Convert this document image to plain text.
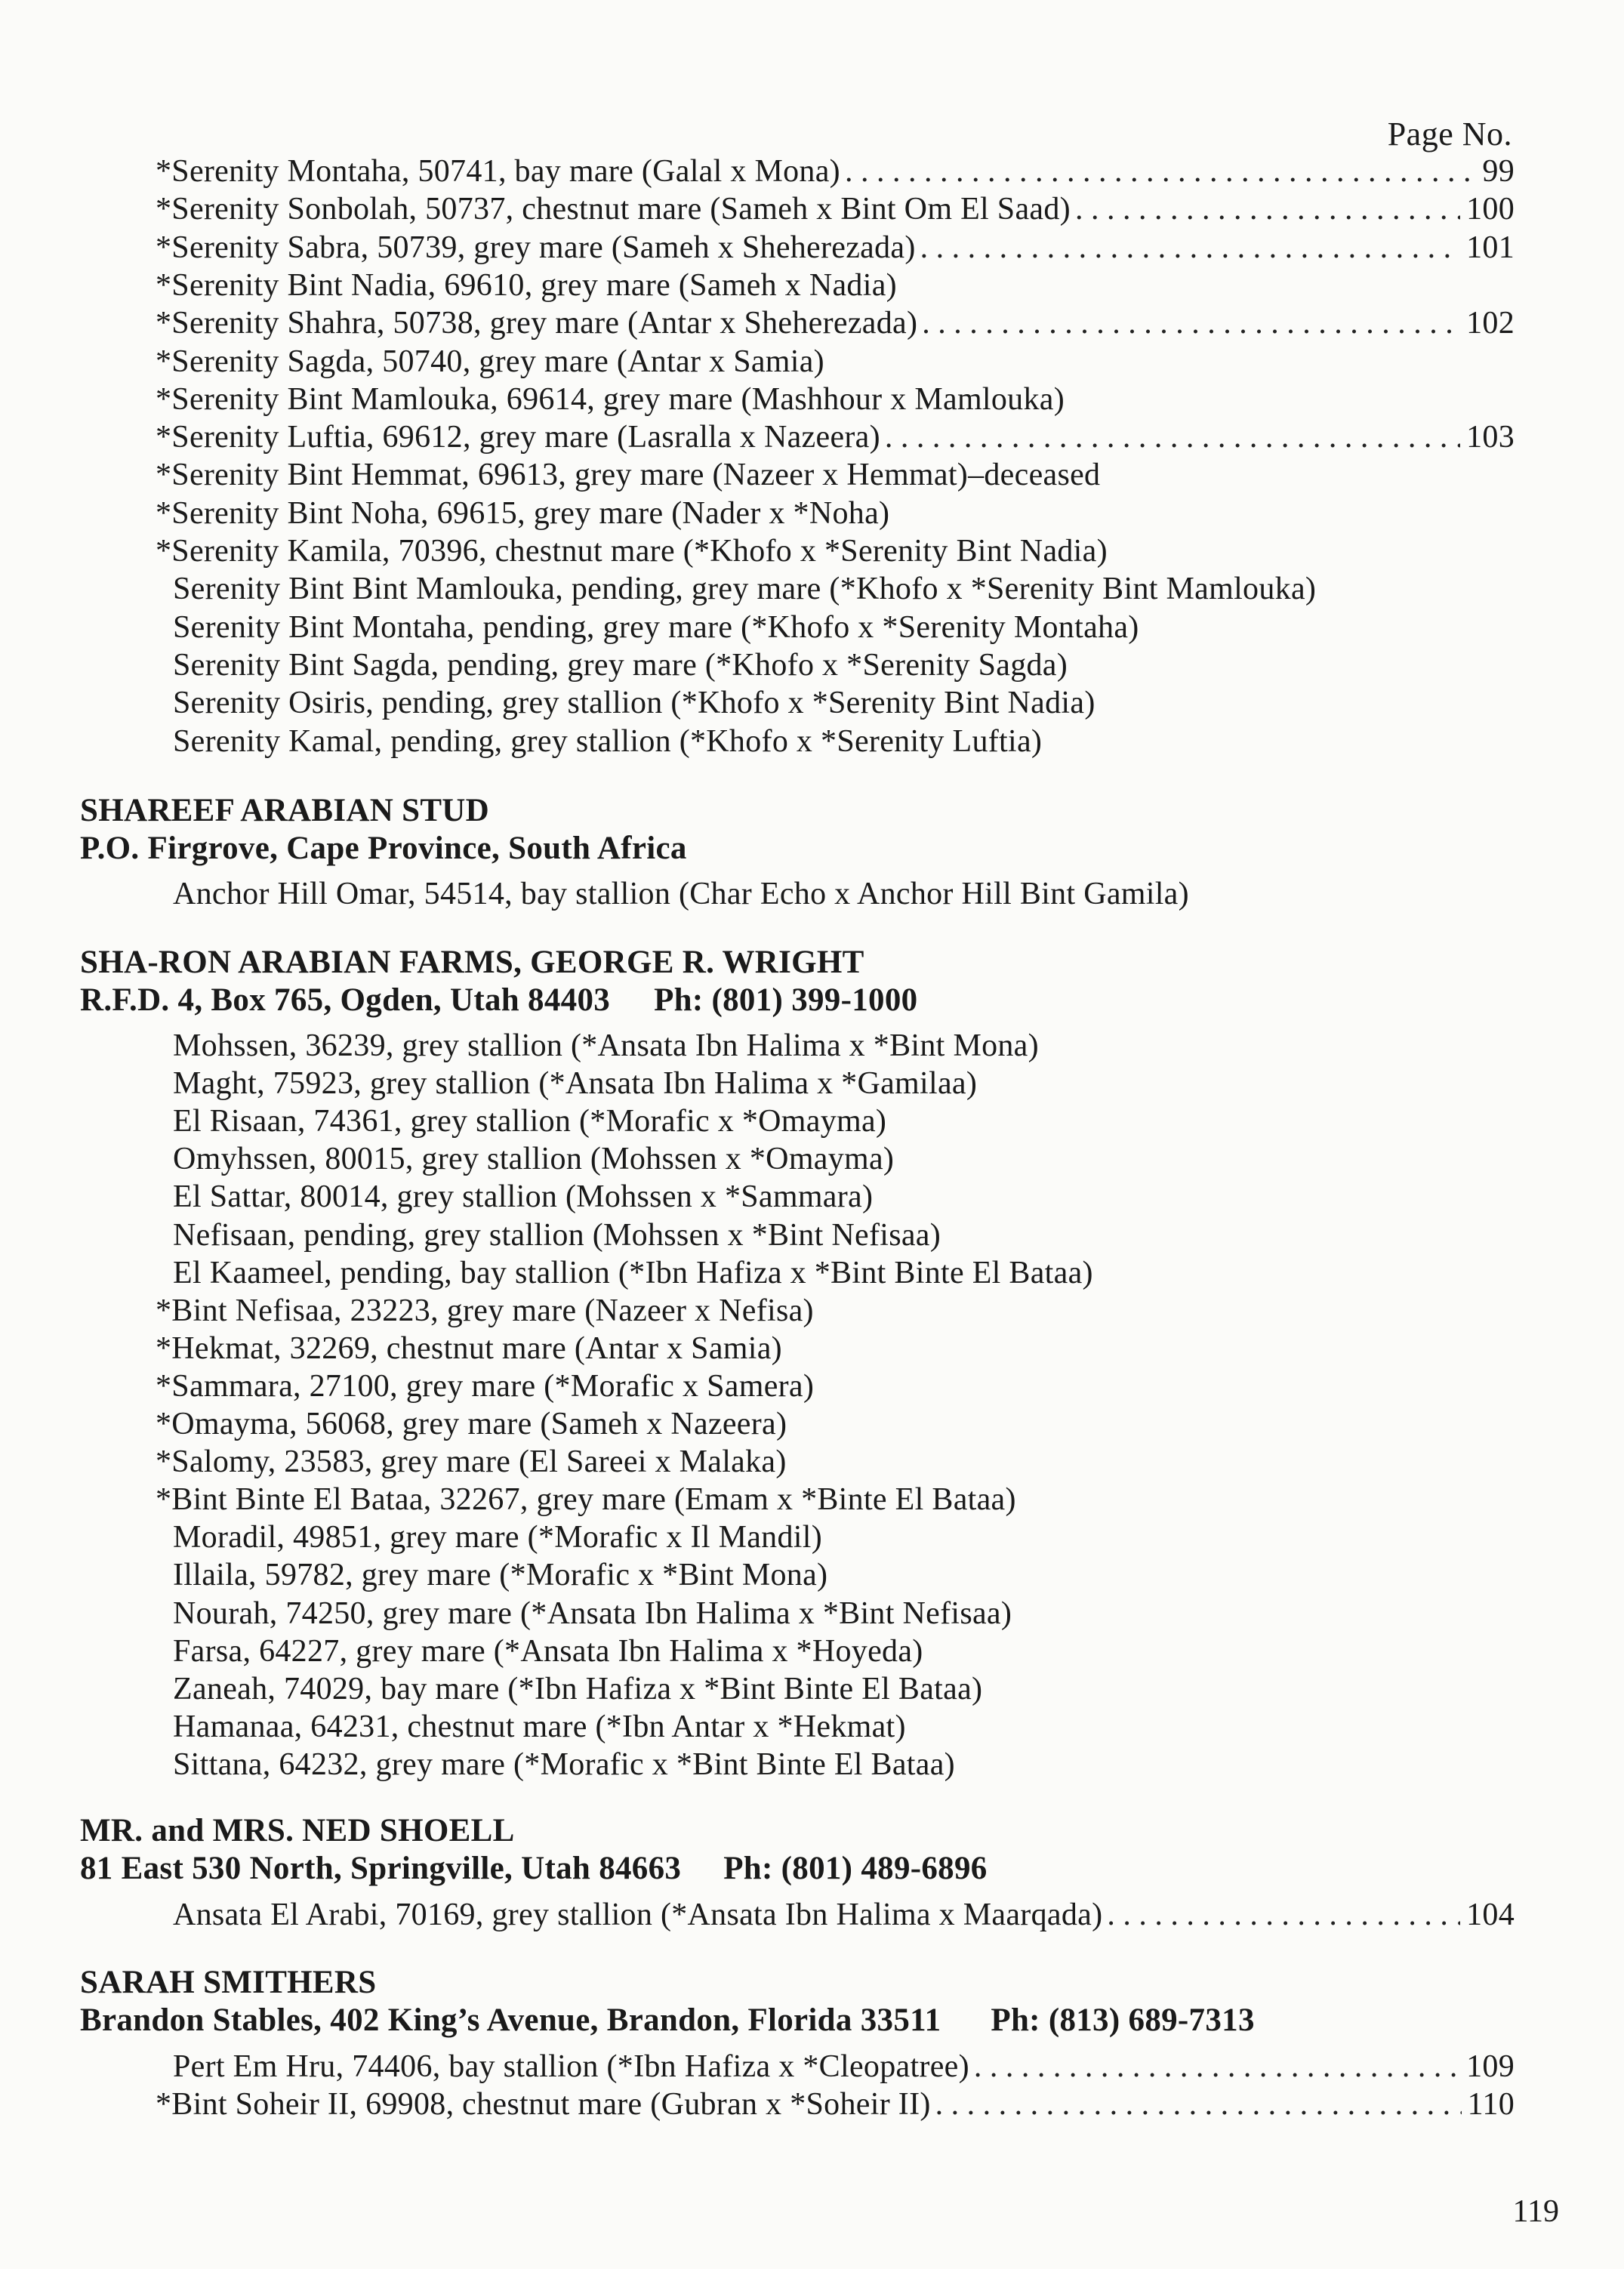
Page No.
*Serenity Montaha, 50741, bay mare (Galal x Mona) . . .	99
*Serenity Sonbolah, 50737, chestnut mare (Sameh x Bint Om El Saad) . . .	100
*Serenity Sabra, 50739, grey mare (Sameh x Sheherezada) . . .	101
*Serenity Bint Nadia, 69610, grey mare (Sameh x Nadia)
*Serenity Shahra, 50738, grey mare (Antar x Sheherezada) . . .	102
*Serenity Sagda, 50740, grey mare (Antar x Samia)
*Serenity Bint Mamlouka, 69614, grey mare (Mashhour x Mamlouka)
*Serenity Luftia, 69612, grey mare (Lasralla x Nazeera) . . .	103
*Serenity Bint Hemmat, 69613, grey mare (Nazeer x Hemmat)–deceased
*Serenity Bint Noha, 69615, grey mare (Nader x *Noha)
*Serenity Kamila, 70396, chestnut mare (*Khofo x *Serenity Bint Nadia)
Serenity Bint Bint Mamlouka, pending, grey mare (*Khofo x *Serenity Bint Mamlouka)
Serenity Bint Montaha, pending, grey mare (*Khofo x *Serenity Montaha)
Serenity Bint Sagda, pending, grey mare (*Khofo x *Serenity Sagda)
Serenity Osiris, pending, grey stallion (*Khofo x *Serenity Bint Nadia)
Serenity Kamal, pending, grey stallion (*Khofo x *Serenity Luftia)
SHAREEF ARABIAN STUD
P.O. Firgrove, Cape Province, South Africa
Anchor Hill Omar, 54514, bay stallion (Char Echo x Anchor Hill Bint Gamila)
SHA-RON ARABIAN FARMS, GEORGE R. WRIGHT
R.F.D. 4, Box 765, Ogden, Utah 84403 Ph: (801) 399-1000
Mohssen, 36239, grey stallion (*Ansata Ibn Halima x *Bint Mona)
Maght, 75923, grey stallion (*Ansata Ibn Halima x *Gamilaa)
El Risaan, 74361, grey stallion (*Morafic x *Omayma)
Omyhssen, 80015, grey stallion (Mohssen x *Omayma)
El Sattar, 80014, grey stallion (Mohssen x *Sammara)
Nefisaan, pending, grey stallion (Mohssen x *Bint Nefisaa)
El Kaameel, pending, bay stallion (*Ibn Hafiza x *Bint Binte El Bataa)
*Bint Nefisaa, 23223, grey mare (Nazeer x Nefisa)
*Hekmat, 32269, chestnut mare (Antar x Samia)
*Sammara, 27100, grey mare (*Morafic x Samera)
*Omayma, 56068, grey mare (Sameh x Nazeera)
*Salomy, 23583, grey mare (El Sareei x Malaka)
*Bint Binte El Bataa, 32267, grey mare (Emam x *Binte El Bataa)
Moradil, 49851, grey mare (*Morafic x Il Mandil)
Illaila, 59782, grey mare (*Morafic x *Bint Mona)
Nourah, 74250, grey mare (*Ansata Ibn Halima x *Bint Nefisaa)
Farsa, 64227, grey mare (*Ansata Ibn Halima x *Hoyeda)
Zaneah, 74029, bay mare (*Ibn Hafiza x *Bint Binte El Bataa)
Hamanaa, 64231, chestnut mare (*Ibn Antar x *Hekmat)
Sittana, 64232, grey mare (*Morafic x *Bint Binte El Bataa)
MR. and MRS. NED SHOELL
81 East 530 North, Springville, Utah 84663 Ph: (801) 489-6896
Ansata El Arabi, 70169, grey stallion (*Ansata Ibn Halima x Maarqada) . . .	104
SARAH SMITHERS
Brandon Stables, 402 King’s Avenue, Brandon, Florida 33511 Ph: (813) 689-7313
Pert Em Hru, 74406, bay stallion (*Ibn Hafiza x *Cleopatree) . . .	109
*Bint Soheir II, 69908, chestnut mare (Gubran x *Soheir II) . . .	110
119
